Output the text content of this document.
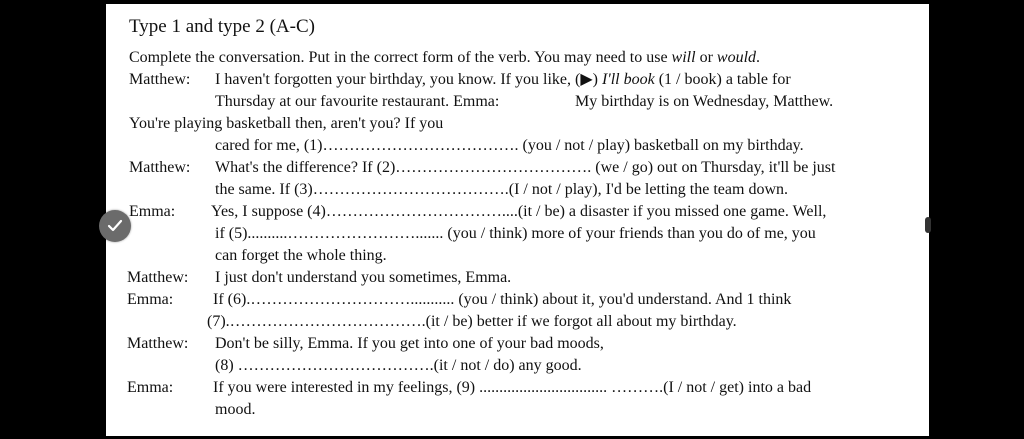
Type 1 and type 2 (A-C)
Complete the conversation. Put in the correct form of the verb. You may need to use will or would.
Matthew: I haven't forgotten your birthday, you know. If you like, (▶) I'll book (1 / book) a table for
Thursday at our favourite restaurant. Emma:	My birthday is on Wednesday, Matthew.
You're playing basketball then, aren't you? If you
cared for me, (1)………………………………. (you / not / play) basketball on my birthday.
Matthew: What's the difference? If (2)………………………………. (we / go) out on Thursday, it'll be just
the same. If (3)……………………………….(I / not / play), I'd be letting the team down.
Emma: Yes, I suppose (4)……………………………....(it / be) a disaster if you missed one game. Well,
if (5)..........……………………....... (you / think) more of your friends than you do of me, you
can forget the whole thing.
Matthew: I just don't understand you sometimes, Emma.
Emma: If (6).…………………………........... (you / think) about it, you'd understand. And 1 think
(7).……………………………….(it / be) better if we forgot all about my birthday.
Matthew: Don't be silly, Emma. If you get into one of your bad moods,
(8) ……………………………….(it / not / do) any good.
Emma: If you were interested in my feelings, (9) ................................ ……….(I / not / get) into a bad
mood.
